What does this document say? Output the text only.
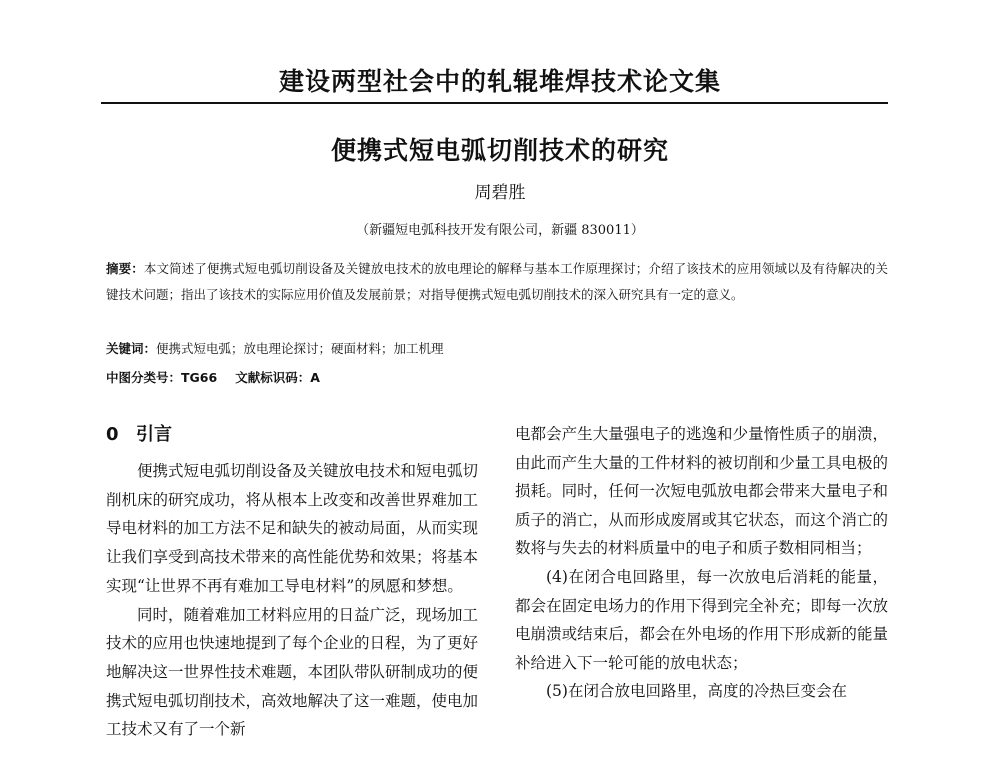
建设两型社会中的轧辊堆焊技术论文集
便携式短电弧切削技术的研究
周碧胜
（新疆短电弧科技开发有限公司，新疆 830011）

摘要：本文简述了便携式短电弧切削设备及关键放电技术的放电理论的解释与基本工作原理探讨；介绍了该技术的应用领域以及有待解决的关键技术问题；指出了该技术的实际应用价值及发展前景；对指导便携式短电弧切削技术的深入研究具有一定的意义。

关键词：便携式短电弧；放电理论探讨；硬面材料；加工机理

中图分类号：TG66 文献标识码：A

0 引言

便携式短电弧切削设备及关键放电技术和短电弧切削机床的研究成功，将从根本上改变和改善世界难加工导电材料的加工方法不足和缺失的被动局面，从而实现让我们享受到高技术带来的高性能优势和效果；将基本实现“让世界不再有难加工导电材料”的夙愿和梦想。

同时，随着难加工材料应用的日益广泛，现场加工技术的应用也快速地提到了每个企业的日程，为了更好地解决这一世界性技术难题，本团队带队研制成功的便携式短电弧切削技术，高效地解决了这一难题，使电加工技术又有了一个新

电都会产生大量强电子的逃逸和少量惰性质子的崩溃，由此而产生大量的工件材料的被切削和少量工具电极的损耗。同时，任何一次短电弧放电都会带来大量电子和质子的消亡，从而形成废屑或其它状态，而这个消亡的数将与失去的材料质量中的电子和质子数相同相当；

(4)在闭合电回路里，每一次放电后消耗的能量，都会在固定电场力的作用下得到完全补充；即每一次放电崩溃或结束后，都会在外电场的作用下形成新的能量补给进入下一轮可能的放电状态；

(5)在闭合放电回路里，高度的冷热巨变会在
